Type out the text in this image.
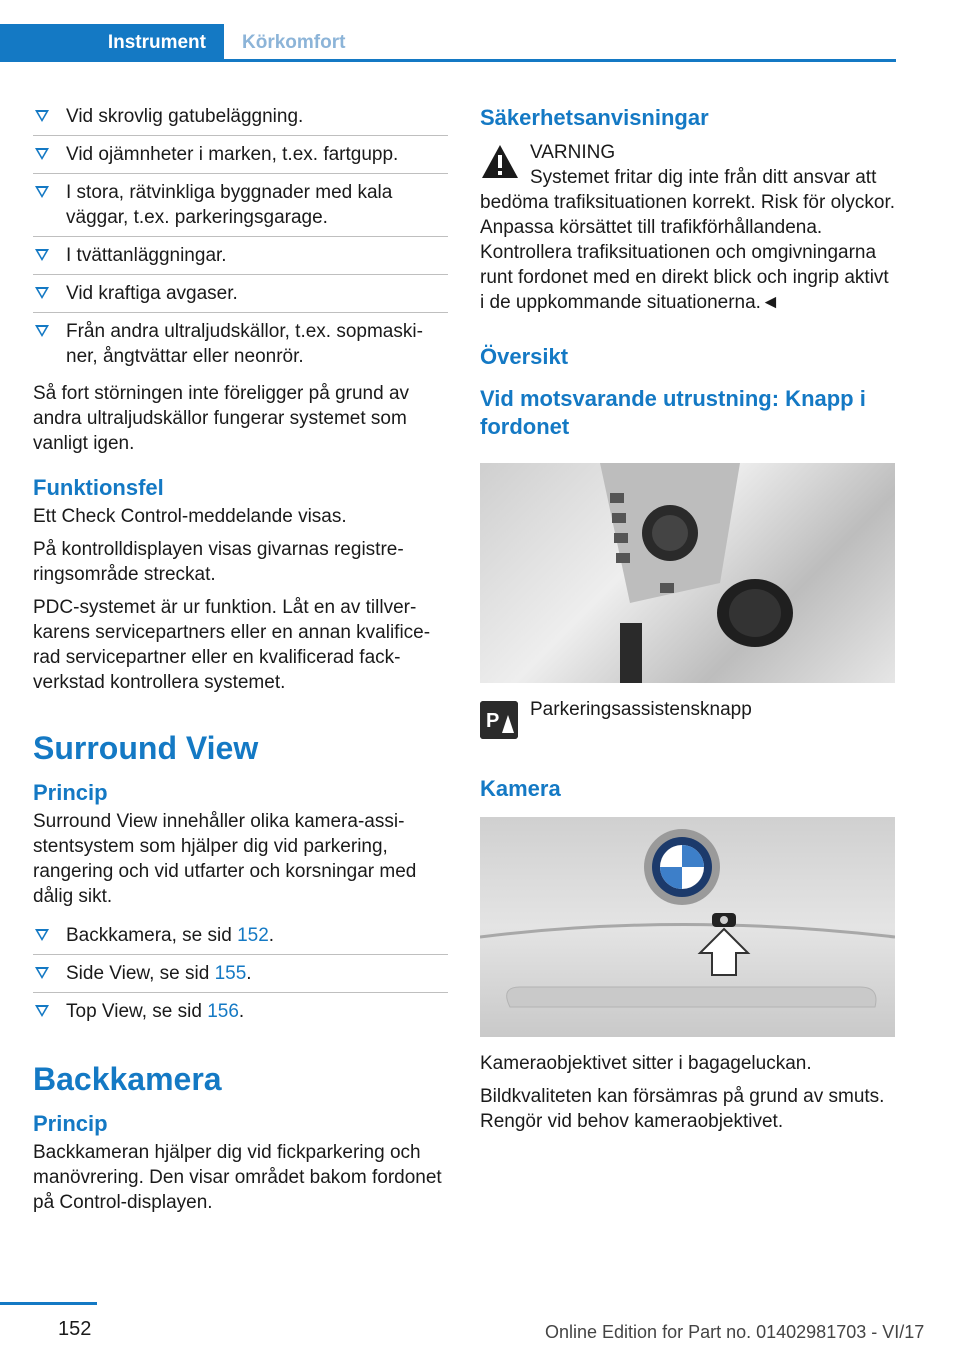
Instrument	Körkomfort
Vid skrovlig gatubeläggning.
Vid ojämnheter i marken, t.ex. fartgupp.
I stora, rätvinkliga byggnader med kala väggar, t.ex. parkeringsgarage.
I tvättanläggningar.
Vid kraftiga avgaser.
Från andra ultraljudskällor, t.ex. sopmaskiner, ångtvättar eller neonrör.

Så fort störningen inte föreligger på grund av andra ultraljudskällor fungerar systemet som vanligt igen.

Funktionsfel

Ett Check Control-meddelande visas.

På kontrolldisplayen visas givarnas registreringsområde streckat.

PDC-systemet är ur funktion. Låt en av tillverkarens servicepartners eller en annan kvalificerad servicepartner eller en kvalificerad fackverkstad kontrollera systemet.

Surround View
Princip

Surround View innehåller olika kamera-assistentsystem som hjälper dig vid parkering, rangering och vid utfarter och korsningar med dålig sikt.

Backkamera, se sid 152.
Side View, se sid 155.
Top View, se sid 156.
Backkamera
Princip

Backkameran hjälper dig vid fickparkering och manövrering. Den visar området bakom fordonet på Control-displayen.

Säkerhetsanvisningar
VARNING
Systemet fritar dig inte från ditt ansvar att bedöma trafiksituationen korrekt. Risk för olyckor. Anpassa körsättet till trafikförhållandena. Kontrollera trafiksituationen och omgivningarna runt fordonet med en direkt blick och ingrip aktivt i de uppkommande situationerna.◄
Översikt
Vid motsvarande utrustning: Knapp i fordonet
P
Parkeringsassistensknapp
Kamera

Kameraobjektivet sitter i bagageluckan.

Bildkvaliteten kan försämras på grund av smuts. Rengör vid behov kameraobjektivet.

152	Online Edition for Part no. 01402981703 - VI/17
